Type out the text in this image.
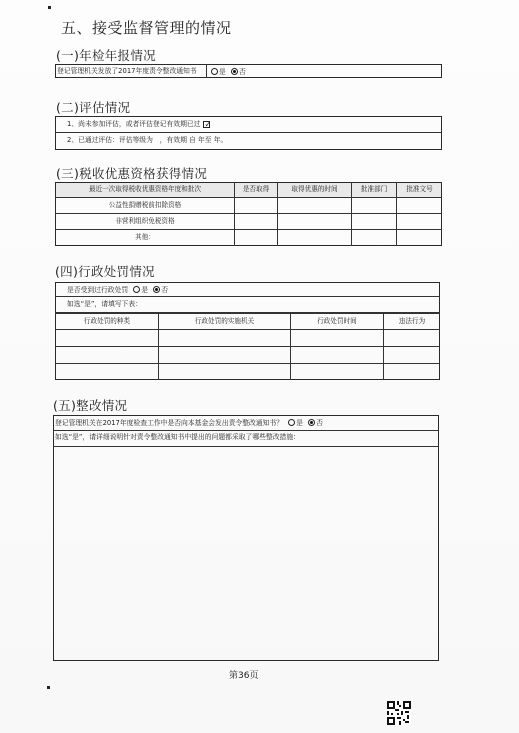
五、接受监督管理的情况
(一)年检年报情况
登记管理机关发放了2017年度责令整改通知书	是 否
(二)评估情况
1、尚未参加评估，或者评估登记有效期已过 ✓
2、已通过评估：评估等级为　，有效期 自 年至 年。
(三)税收优惠资格获得情况
最近一次取得税收优惠资格年度和批次	是否取得	取得优惠的时间	批准部门	批准文号
公益性捐赠税前扣除资格
非营利组织免税资格
其他：
(四)行政处罚情况
是否受到过行政处罚 是 否
如选“是”，请填写下表：
行政处罚的种类	行政处罚的实施机关	行政处罚时间	违法行为
(五)整改情况
登记管理机关在2017年度检查工作中是否向本基金会发出责令整改通知书？ 是 否
如选“是”，请详细说明针对责令整改通知书中提出的问题都采取了哪些整改措施：
第36页
